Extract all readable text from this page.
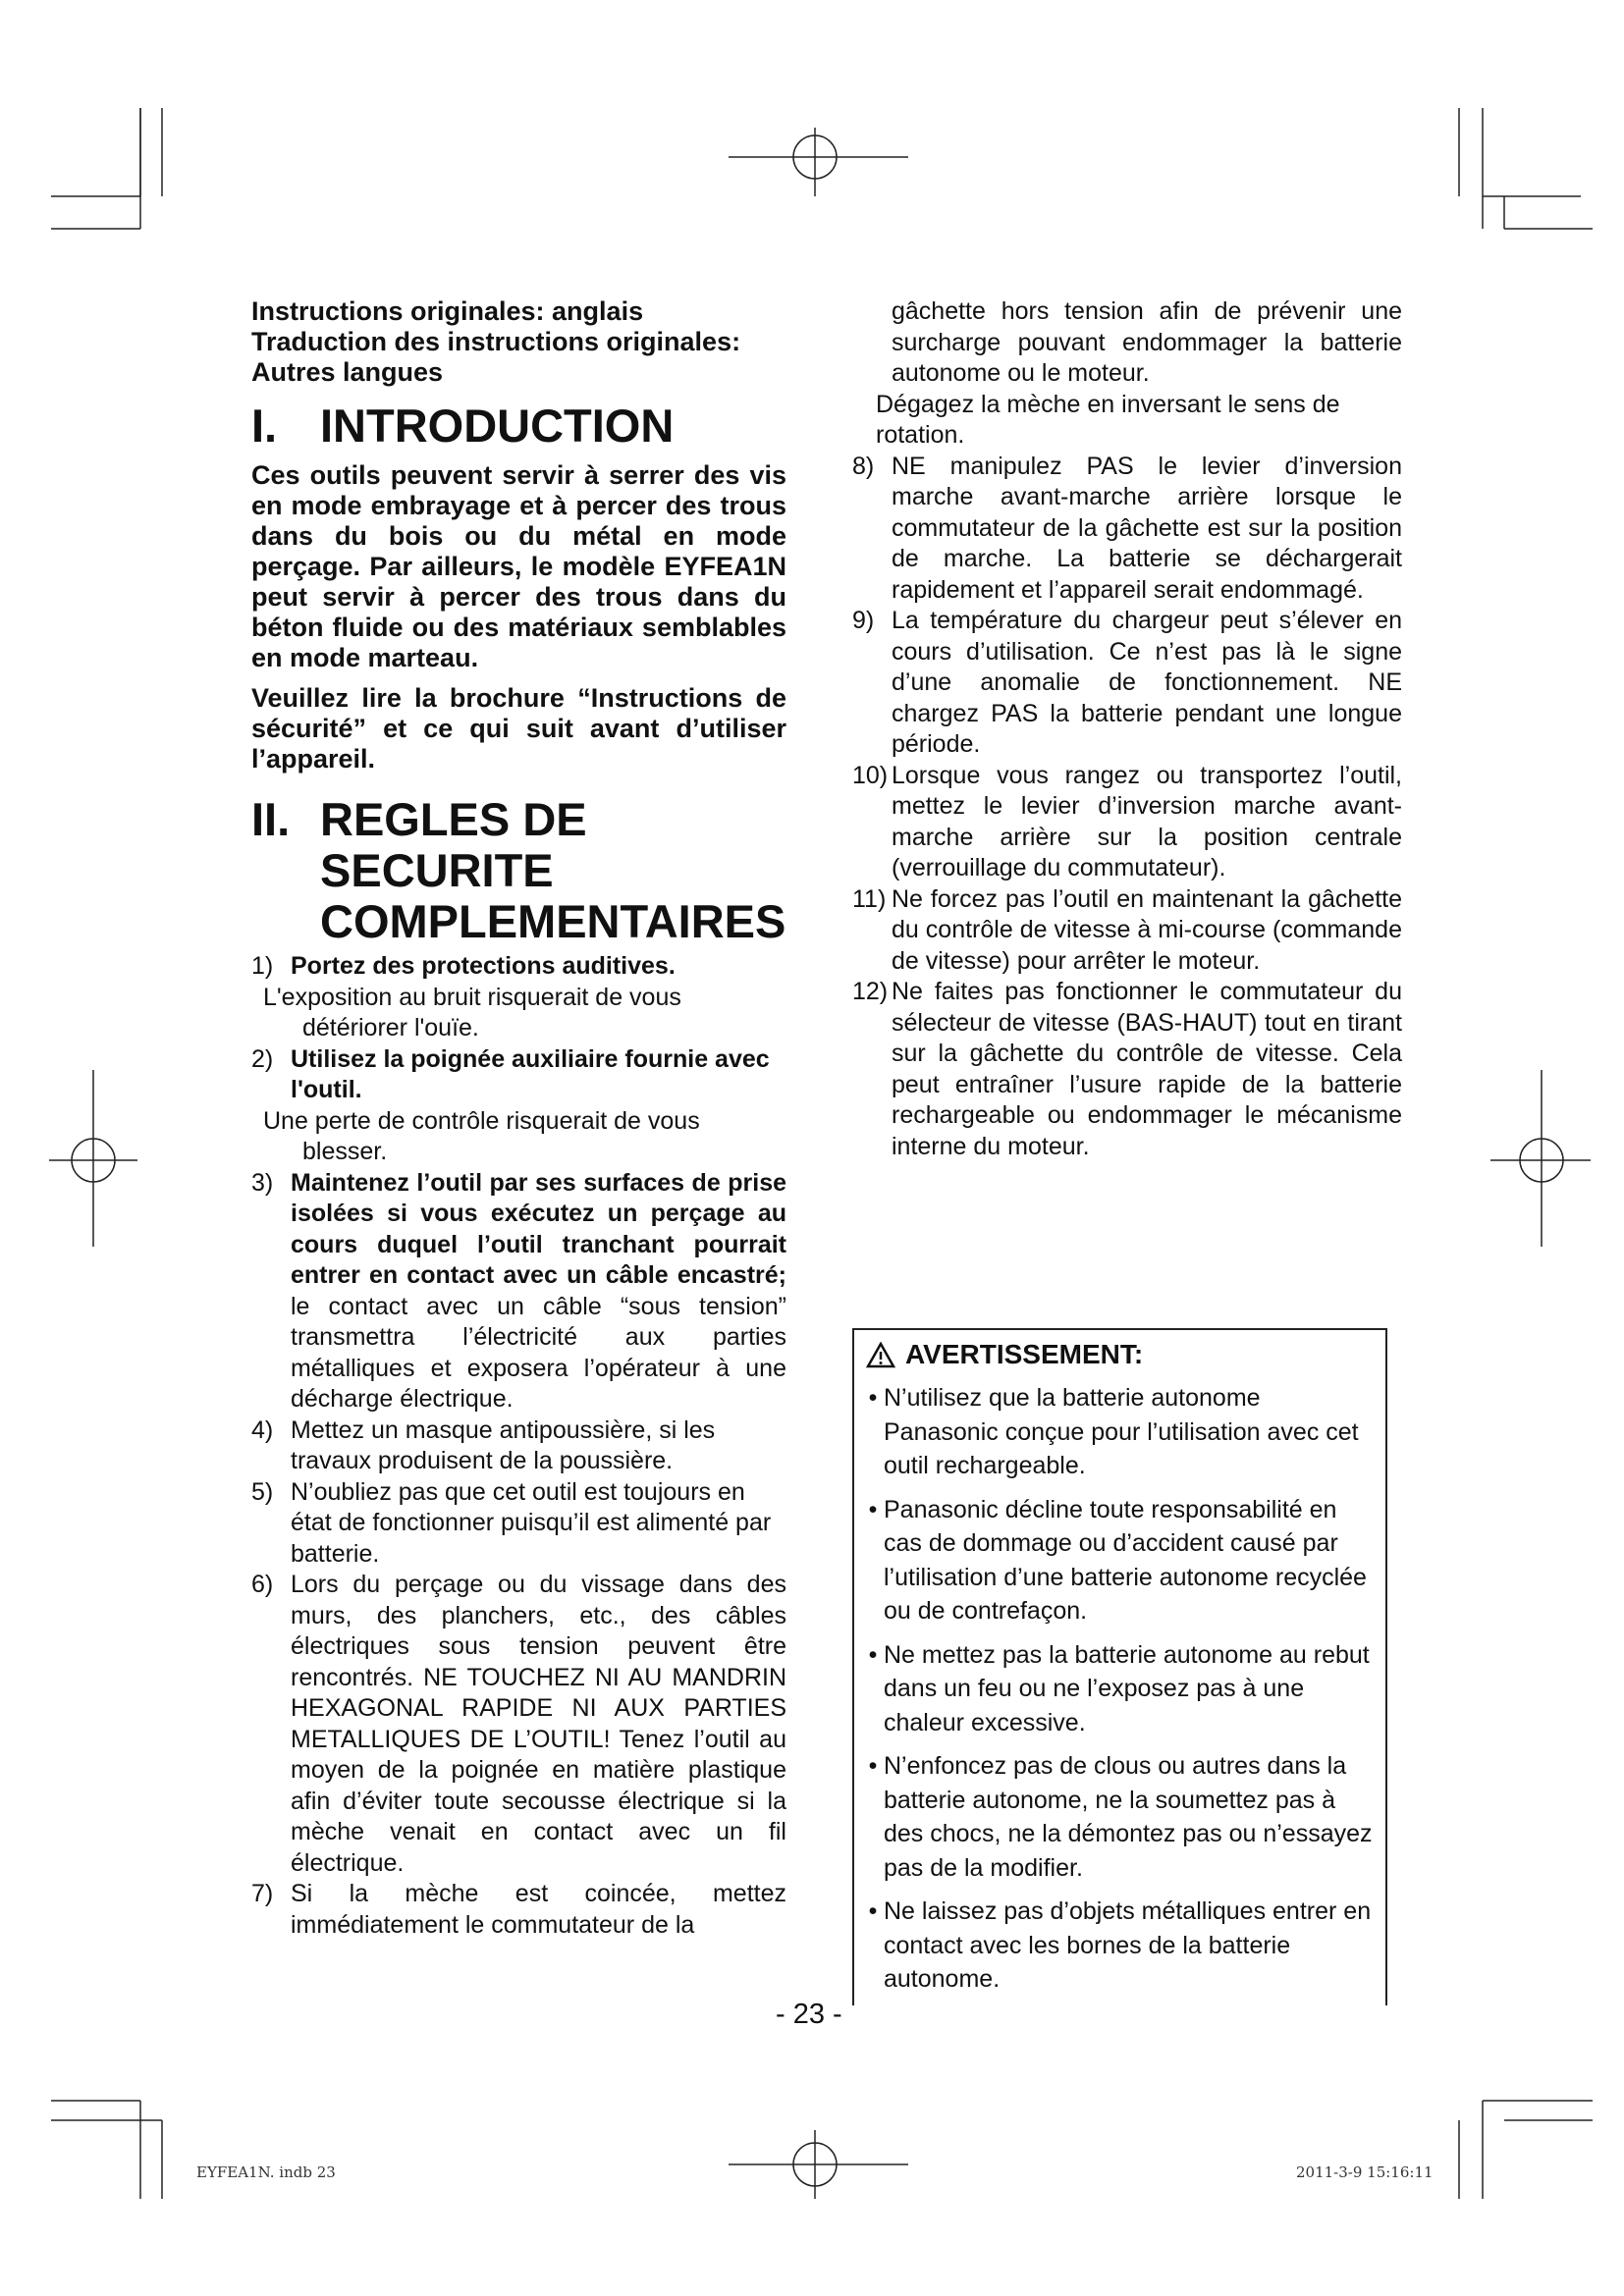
Instructions originales: anglais

Traduction des instructions originales:

Autres langues

I. INTRODUCTION

Ces outils peuvent servir à serrer des vis en mode embrayage et à percer des trous dans du bois ou du métal en mode perçage. Par ailleurs, le modèle EYFEA1N peut servir à percer des trous dans du béton fluide ou des matériaux semblables en mode marteau.

Veuillez lire la brochure “Instructions de sécurité” et ce qui suit avant d’utiliser l’appareil.

II. REGLES DE
SECURITE
COMPLEMENTAIRES
1) Portez des protections auditives.
L'exposition au bruit risquerait de vous détériorer l'ouïe.
2) Utilisez la poignée auxiliaire fournie avec l'outil.
Une perte de contrôle risquerait de vous blesser.
3) Maintenez l’outil par ses surfaces de prise isolées si vous exécutez un perçage au cours duquel l’outil tranchant pourrait entrer en contact avec un câble encastré; le contact avec un câble “sous tension” transmettra l’électricité aux parties métalliques et exposera l’opérateur à une décharge électrique.
4) Mettez un masque antipoussière, si les travaux produisent de la poussière.
5) N’oubliez pas que cet outil est toujours en état de fonctionner puisqu’il est alimenté par batterie.
6) Lors du perçage ou du vissage dans des murs, des planchers, etc., des câbles électriques sous tension peuvent être rencontrés. NE TOUCHEZ NI AU MANDRIN HEXAGONAL RAPIDE NI AUX PARTIES METALLIQUES DE L’OUTIL! Tenez l’outil au moyen de la poignée en matière plastique afin d’éviter toute secousse électrique si la mèche venait en contact avec un fil électrique.
7) Si la mèche est coincée, mettez immédiatement le commutateur de la
gâchette hors tension afin de prévenir une surcharge pouvant endommager la batterie autonome ou le moteur.
Dégagez la mèche en inversant le sens de rotation.
8) NE manipulez PAS le levier d’inversion marche avant-marche arrière lorsque le commutateur de la gâchette est sur la position de marche. La batterie se déchargerait rapidement et l’appareil serait endommagé.
9) La température du chargeur peut s’élever en cours d’utilisation. Ce n’est pas là le signe d’une anomalie de fonctionnement. NE chargez PAS la batterie pendant une longue période.
10) Lorsque vous rangez ou transportez l’outil, mettez le levier d’inversion marche avant-marche arrière sur la position centrale (verrouillage du commutateur).
11) Ne forcez pas l’outil en maintenant la gâchette du contrôle de vitesse à mi-course (commande de vitesse) pour arrêter le moteur.
12) Ne faites pas fonctionner le commutateur du sélecteur de vitesse (BAS-HAUT) tout en tirant sur la gâchette du contrôle de vitesse. Cela peut entraîner l’usure rapide de la batterie rechargeable ou endommager le mécanisme interne du moteur.
AVERTISSEMENT:
• N’utilisez que la batterie autonome Panasonic conçue pour l’utilisation avec cet outil rechargeable.
• Panasonic décline toute responsabilité en cas de dommage ou d’accident causé par l’utilisation d’une batterie autonome recyclée ou de contrefaçon.
• Ne mettez pas la batterie autonome au rebut dans un feu ou ne l’exposez pas à une chaleur excessive.
• N’enfoncez pas de clous ou autres dans la batterie autonome, ne la soumettez pas à des chocs, ne la démontez pas ou n’essayez pas de la modifier.
• Ne laissez pas d’objets métalliques entrer en contact avec les bornes de la batterie autonome.
- 23 -
EYFEA1N. indb 23	2011-3-9 15:16:11
